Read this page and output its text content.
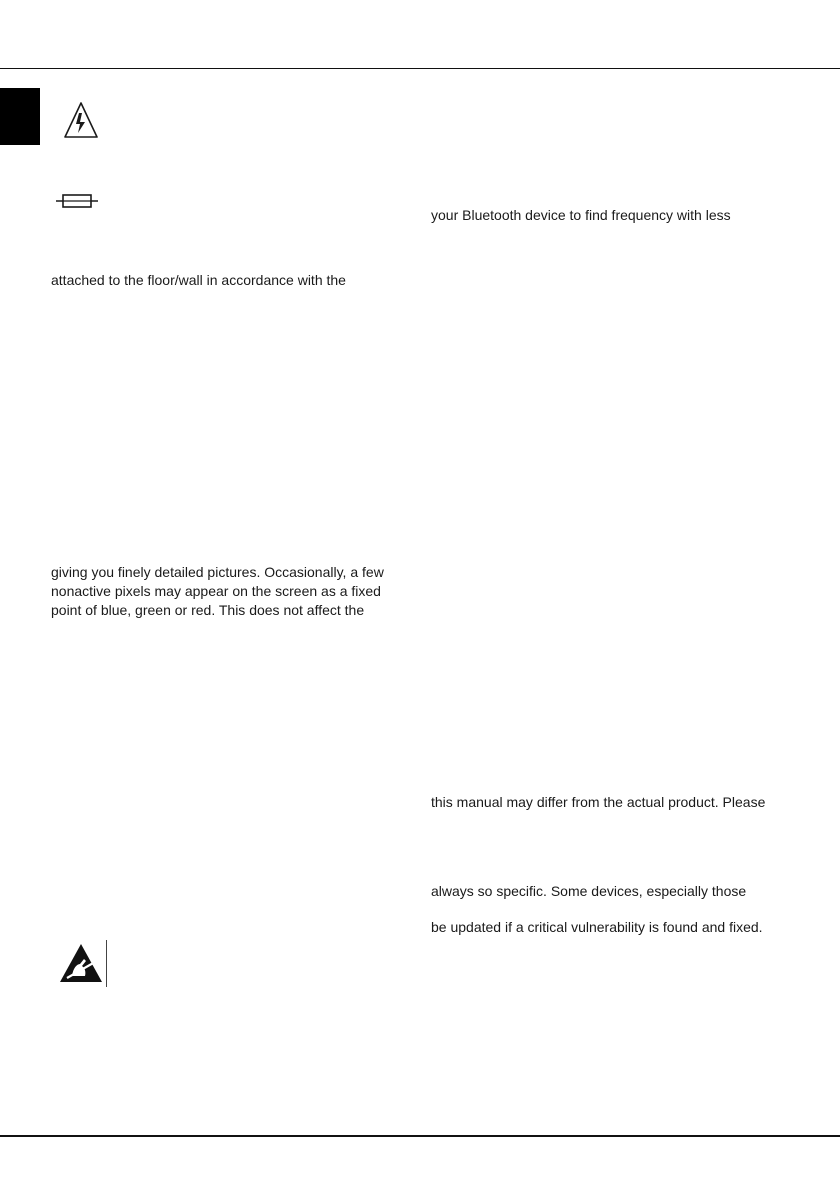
attached to the floor/wall in accordance with the
giving you finely detailed pictures. Occasionally, a few
nonactive pixels may appear on the screen as a fixed
point of blue, green or red. This does not affect the
your Bluetooth device to find frequency with less
this manual may differ from the actual product. Please
always so specific. Some devices, especially those
be updated if a critical vulnerability is found and fixed.
